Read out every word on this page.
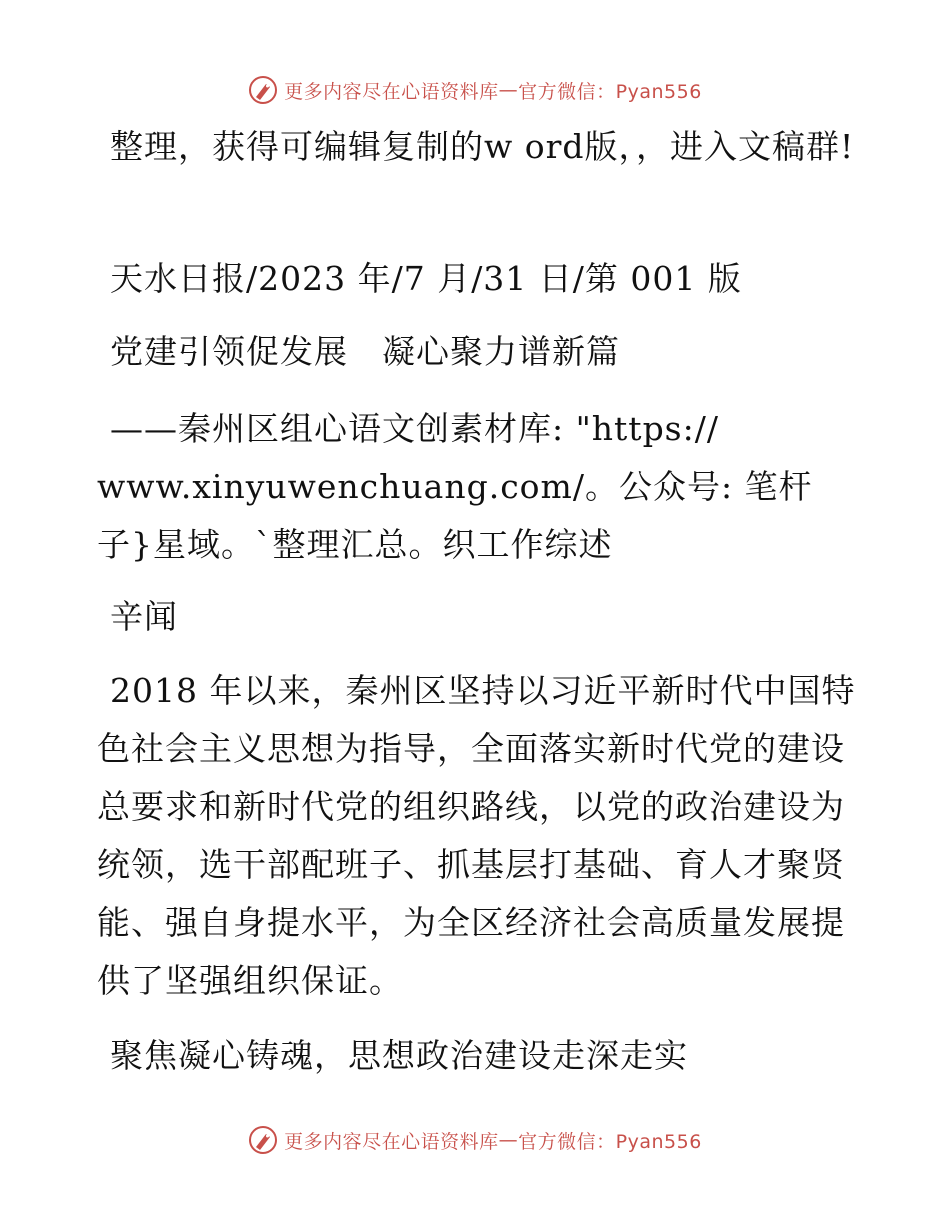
更多内容尽在心语资料库 — 官方微信：Pyan556

整理，获得可编辑复制的w ord版，，进入文稿群!

天水日报/2023 年/7 月/31 日/第 001 版

党建引领促发展　凝心聚力谱新篇

——秦州区组心语文创素材库: "https:// www.xinyuwenchuang.com/。公众号: 笔杆子}星域。`整理汇总。织工作综述

辛闻

2018 年以来，秦州区坚持以习近平新时代中国特色社会主义思想为指导，全面落实新时代党的建设总要求和新时代党的组织路线，以党的政治建设为统领，选干部配班子、抓基层打基础、育人才聚贤能、强自身提水平，为全区经济社会高质量发展提供了坚强组织保证。

聚焦凝心铸魂，思想政治建设走深走实

更多内容尽在心语资料库 — 官方微信：Pyan556
